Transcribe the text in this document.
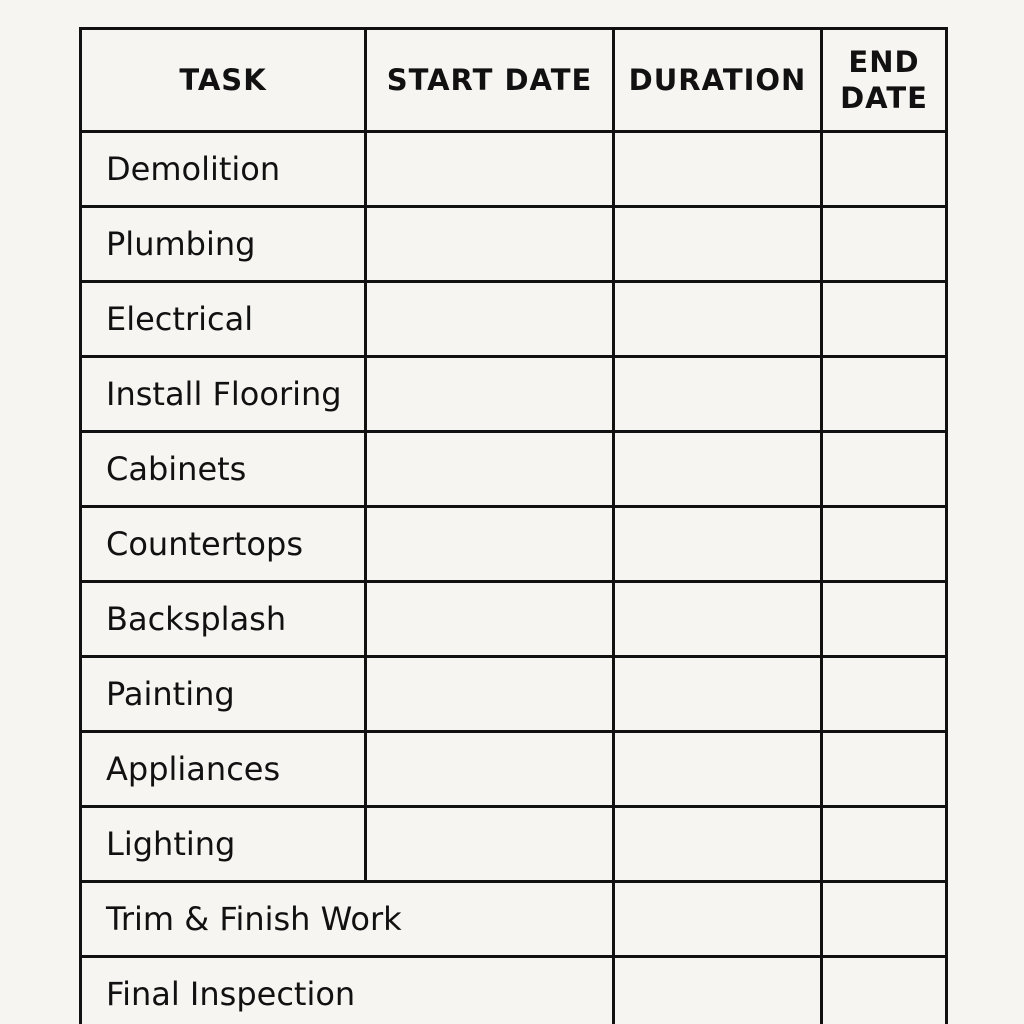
TASK	START DATE	DURATION	END
DATE
Demolition			
Plumbing			
Electrical			
Install Flooring			
Cabinets			
Countertops			
Backsplash			
Painting			
Appliances			
Lighting			
Trim & Finish Work			
Final Inspection			
